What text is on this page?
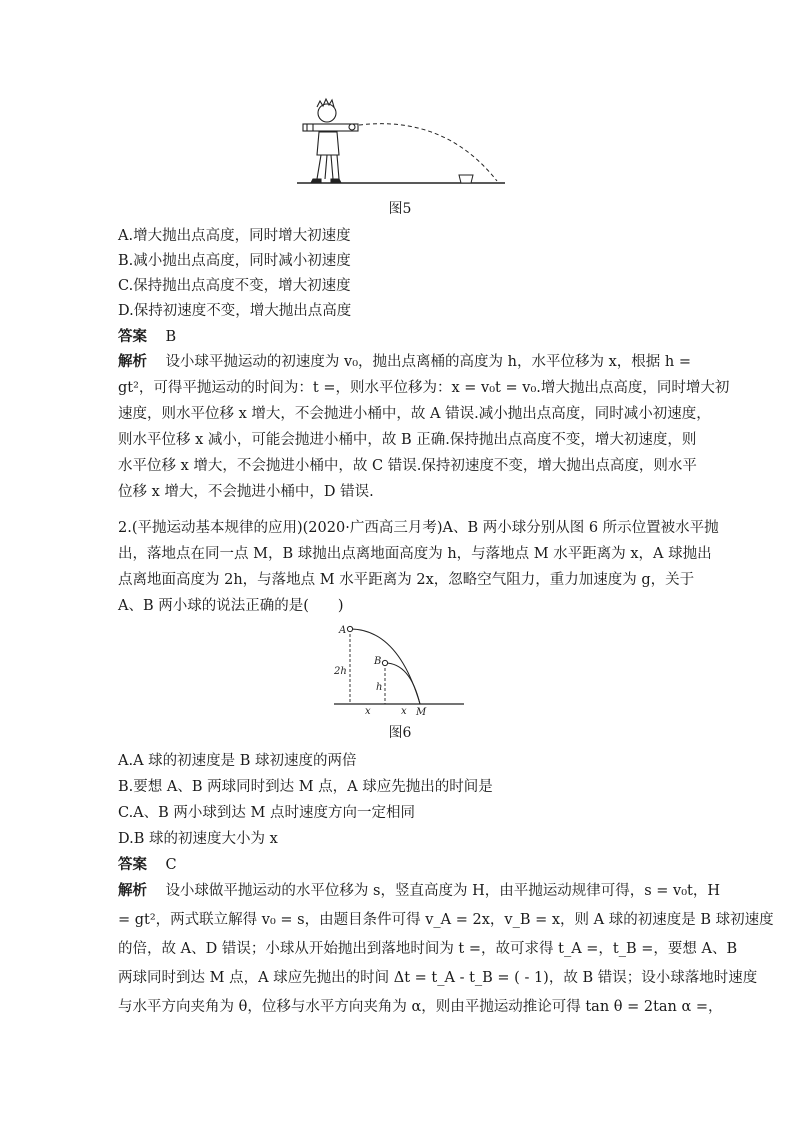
图5
A.增大抛出点高度，同时增大初速度
B.减小抛出点高度，同时减小初速度
C.保持抛出点高度不变，增大初速度
D.保持初速度不变，增大抛出点高度
答案 B
解析 设小球平抛运动的初速度为 v₀，抛出点离桶的高度为 h，水平位移为 x，根据 h =
gt²，可得平抛运动的时间为：t =，则水平位移为：x = v₀t = v₀.增大抛出点高度，同时增大初
速度，则水平位移 x 增大，不会抛进小桶中，故 A 错误.减小抛出点高度，同时减小初速度，
则水平位移 x 减小，可能会抛进小桶中，故 B 正确.保持抛出点高度不变，增大初速度，则
水平位移 x 增大，不会抛进小桶中，故 C 错误.保持初速度不变，增大抛出点高度，则水平
位移 x 增大，不会抛进小桶中，D 错误.
2.(平抛运动基本规律的应用)(2020·广西高三月考)A、B 两小球分别从图 6 所示位置被水平抛
出，落地点在同一点 M，B 球抛出点离地面高度为 h，与落地点 M 水平距离为 x，A 球抛出
点离地面高度为 2h，与落地点 M 水平距离为 2x，忽略空气阻力，重力加速度为 g，关于
A、B 两小球的说法正确的是(　　)
A
B
2h
h
x	x M
图6
A.A 球的初速度是 B 球初速度的两倍
B.要想 A、B 两球同时到达 M 点，A 球应先抛出的时间是
C.A、B 两小球到达 M 点时速度方向一定相同
D.B 球的初速度大小为 x
答案 C
解析 设小球做平抛运动的水平位移为 s，竖直高度为 H，由平抛运动规律可得，s = v₀t，H
= gt²，两式联立解得 v₀ = s，由题目条件可得 v_A = 2x，v_B = x，则 A 球的初速度是 B 球初速度
的倍，故 A、D 错误；小球从开始抛出到落地时间为 t =，故可求得 t_A =，t_B =，要想 A、B
两球同时到达 M 点，A 球应先抛出的时间 Δt = t_A - t_B = ( - 1)，故 B 错误；设小球落地时速度
与水平方向夹角为 θ，位移与水平方向夹角为 α，则由平抛运动推论可得 tan θ = 2tan α =，
